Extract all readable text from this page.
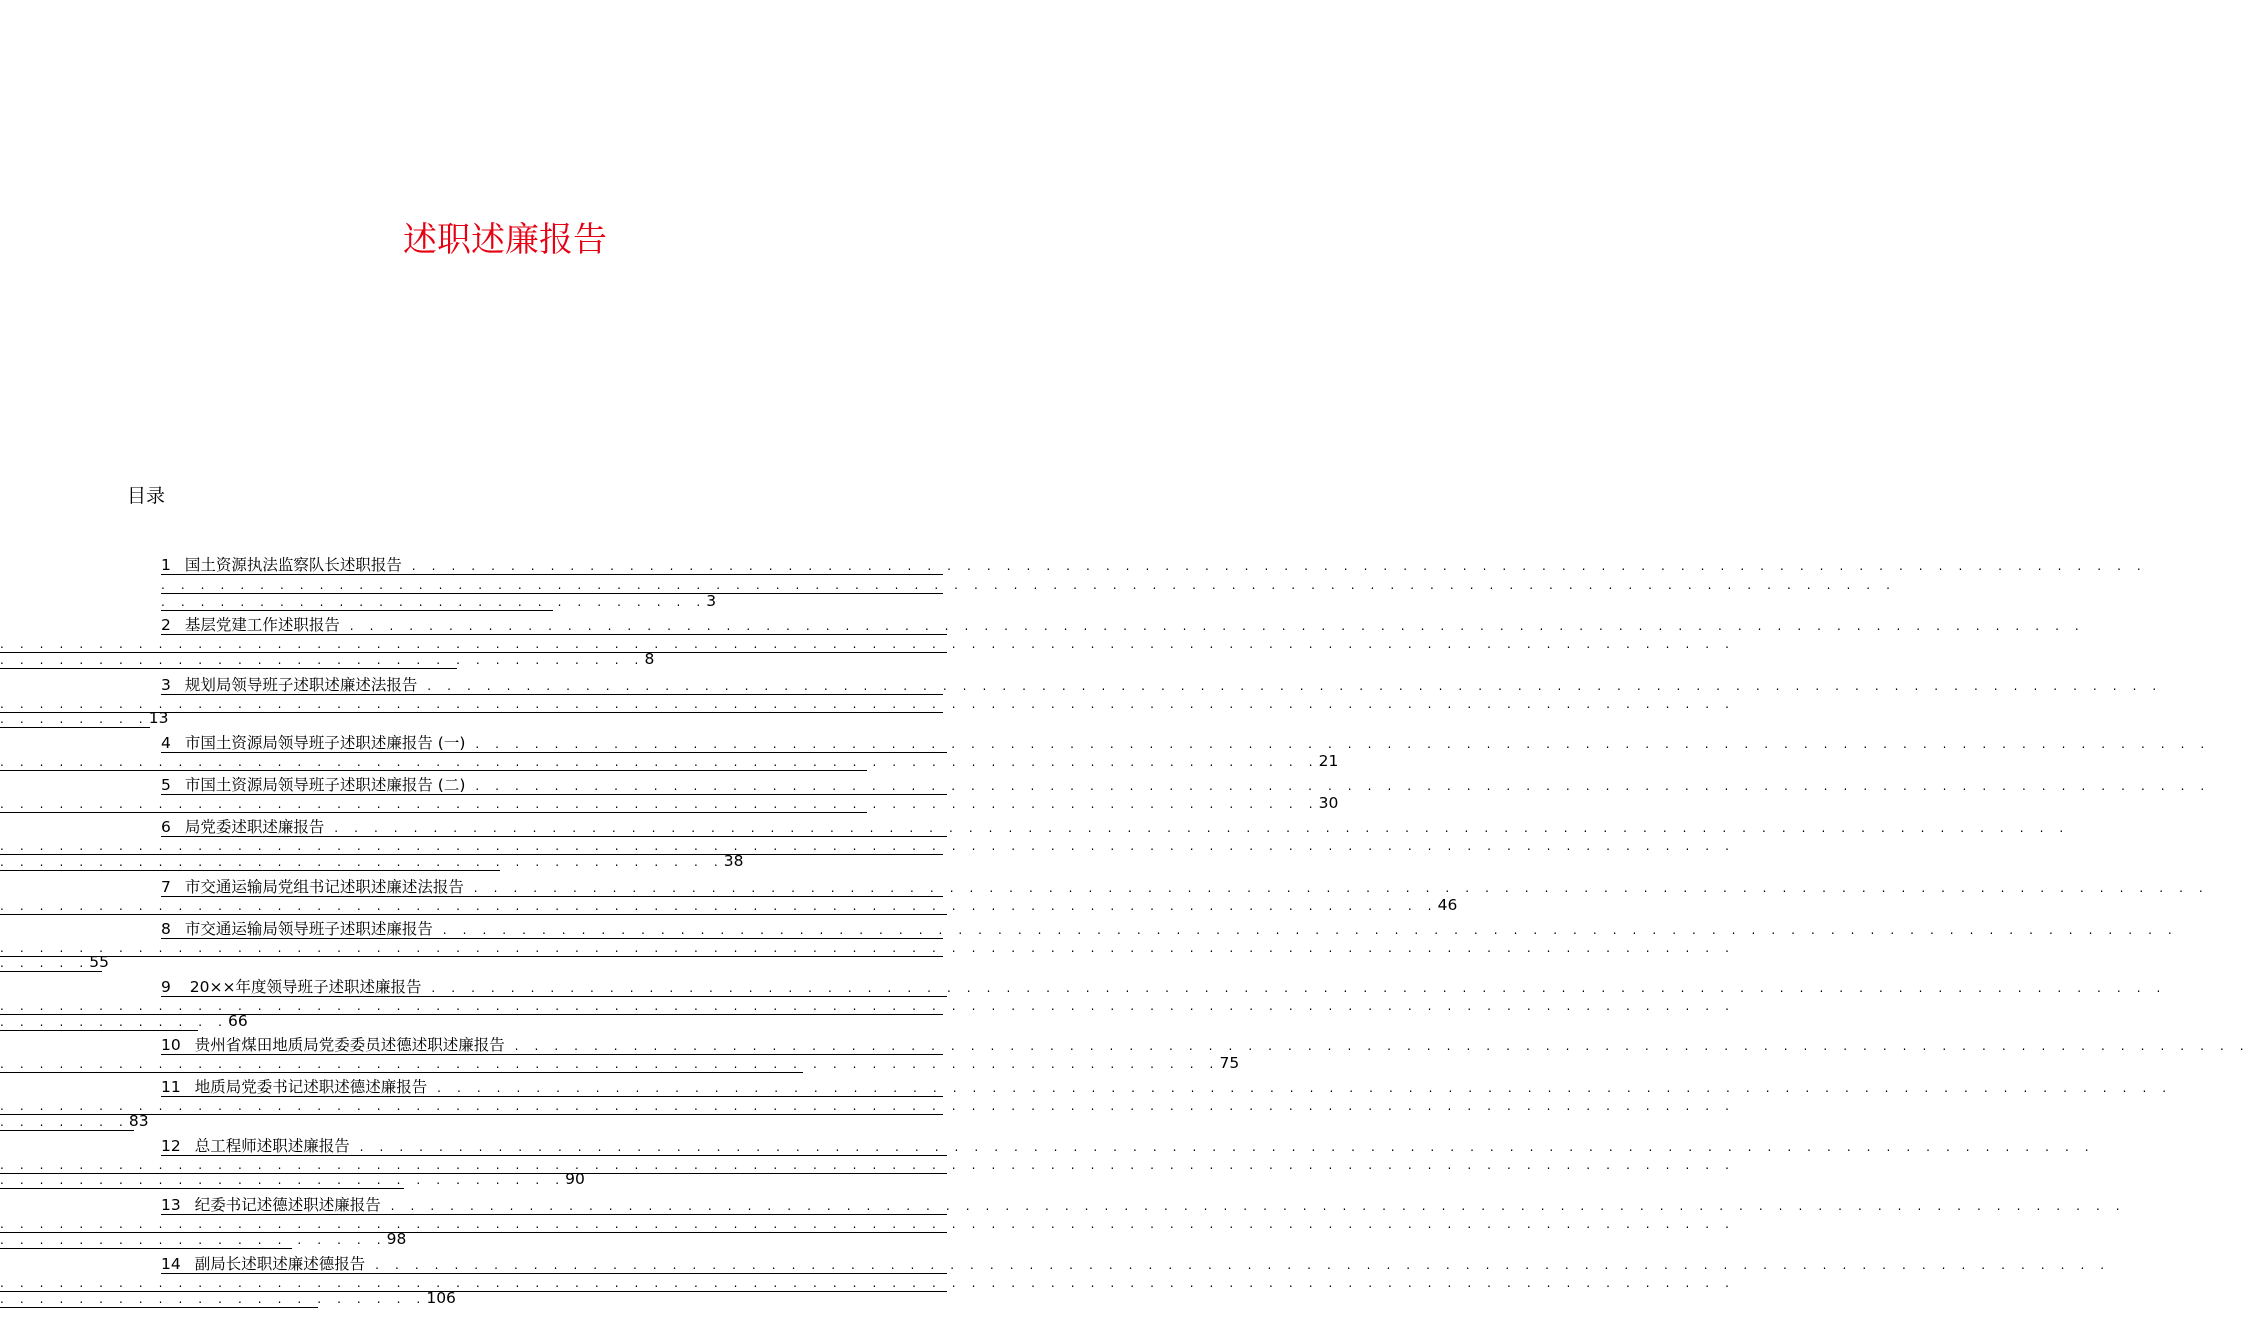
述职述廉报告
目录
1 国土资源执法监察队长述职报告 . . . . . . . . . . . . . . . . . . . . . . . . . . . . . . . . . . . . . . . . . . . . . . . . . . . . . . . . . . . . . . . . . . . . . . . . . . . . . . . . . . . . . . . .
. . . . . . . . . . . . . . . . . . . . . . . . . . . . . . . . . . . . . . . . . . . . . . . . . . . . . . . . . . . . . . . . . . . . . . . . . . . . . . . . . . . . . . . .
. . . . . . . . . . . . . . . . . . . . . . . . . . . .3
2 基层党建工作述职报告 . . . . . . . . . . . . . . . . . . . . . . . . . . . . . . . . . . . . . . . . . . . . . . . . . . . . . . . . . . . . . . . . . . . . . . . . . . . . . . . . . . . . . . . .
. . . . . . . . . . . . . . . . . . . . . . . . . . . . . . . . . . . . . . . . . . . . . . . . . . . . . . . . . . . . . . . . . . . . . . . . . . . . . . . . . . . . . . . .
. . . . . . . . . . . . . . . . . . . . . . . . . . . . . . . . .8
3 规划局领导班子述职述廉述法报告 . . . . . . . . . . . . . . . . . . . . . . . . . . . . . . . . . . . . . . . . . . . . . . . . . . . . . . . . . . . . . . . . . . . . . . . . . . . . . . . . . . . . . . . .
. . . . . . . . . . . . . . . . . . . . . . . . . . . . . . . . . . . . . . . . . . . . . . . . . . . . . . . . . . . . . . . . . . . . . . . . . . . . . . . . . . . . . . . .
. . . . . . . .13
4 市国土资源局领导班子述职述廉报告 (一) . . . . . . . . . . . . . . . . . . . . . . . . . . . . . . . . . . . . . . . . . . . . . . . . . . . . . . . . . . . . . . . . . . . . . . . . . . . . . . . . . . . . . . . .
. . . . . . . . . . . . . . . . . . . . . . . . . . . . . . . . . . . . . . . . . . . . . . . . . . . . . . . . . . . . . . . . . . .21
5 市国土资源局领导班子述职述廉报告 (二) . . . . . . . . . . . . . . . . . . . . . . . . . . . . . . . . . . . . . . . . . . . . . . . . . . . . . . . . . . . . . . . . . . . . . . . . . . . . . . . . . . . . . . . .
. . . . . . . . . . . . . . . . . . . . . . . . . . . . . . . . . . . . . . . . . . . . . . . . . . . . . . . . . . . . . . . . . . .30
6 局党委述职述廉报告 . . . . . . . . . . . . . . . . . . . . . . . . . . . . . . . . . . . . . . . . . . . . . . . . . . . . . . . . . . . . . . . . . . . . . . . . . . . . . . . . . . . . . . . .
. . . . . . . . . . . . . . . . . . . . . . . . . . . . . . . . . . . . . . . . . . . . . . . . . . . . . . . . . . . . . . . . . . . . . . . . . . . . . . . . . . . . . . . .
. . . . . . . . . . . . . . . . . . . . . . . . . . . . . . . . . . . . .38
7 市交通运输局党组书记述职述廉述法报告 . . . . . . . . . . . . . . . . . . . . . . . . . . . . . . . . . . . . . . . . . . . . . . . . . . . . . . . . . . . . . . . . . . . . . . . . . . . . . . . . . . . . . . . .
. . . . . . . . . . . . . . . . . . . . . . . . . . . . . . . . . . . . . . . . . . . . . . . . . . . . . . . . . . . . . . . . . . . . . . . . .46
8 市交通运输局领导班子述职述廉报告 . . . . . . . . . . . . . . . . . . . . . . . . . . . . . . . . . . . . . . . . . . . . . . . . . . . . . . . . . . . . . . . . . . . . . . . . . . . . . . . . . . . . . . . .
. . . . . . . . . . . . . . . . . . . . . . . . . . . . . . . . . . . . . . . . . . . . . . . . . . . . . . . . . . . . . . . . . . . . . . . . . . . . . . . . . . . . . . . .
. . . . .55
9 20××年度领导班子述职述廉报告 . . . . . . . . . . . . . . . . . . . . . . . . . . . . . . . . . . . . . . . . . . . . . . . . . . . . . . . . . . . . . . . . . . . . . . . . . . . . . . . . . . . . . . . .
. . . . . . . . . . . . . . . . . . . . . . . . . . . . . . . . . . . . . . . . . . . . . . . . . . . . . . . . . . . . . . . . . . . . . . . . . . . . . . . . . . . . . . . .
. . . . . . . . . . . .66
10 贵州省煤田地质局党委委员述德述职述廉报告 . . . . . . . . . . . . . . . . . . . . . . . . . . . . . . . . . . . . . . . . . . . . . . . . . . . . . . . . . . . . . . . . . . . . . . . . . . . . . . . . . . . . . . . .
. . . . . . . . . . . . . . . . . . . . . . . . . . . . . . . . . . . . . . . . . . . . . . . . . . . . . . . . . . . . . .75
11 地质局党委书记述职述德述廉报告 . . . . . . . . . . . . . . . . . . . . . . . . . . . . . . . . . . . . . . . . . . . . . . . . . . . . . . . . . . . . . . . . . . . . . . . . . . . . . . . . . . . . . . . .
. . . . . . . . . . . . . . . . . . . . . . . . . . . . . . . . . . . . . . . . . . . . . . . . . . . . . . . . . . . . . . . . . . . . . . . . . . . . . . . . . . . . . . . .
. . . . . . .83
12 总工程师述职述廉报告 . . . . . . . . . . . . . . . . . . . . . . . . . . . . . . . . . . . . . . . . . . . . . . . . . . . . . . . . . . . . . . . . . . . . . . . . . . . . . . . . . . . . . . . .
. . . . . . . . . . . . . . . . . . . . . . . . . . . . . . . . . . . . . . . . . . . . . . . . . . . . . . . . . . . . . . . . . . . . . . . . . . . . . . . . . . . . . . . .
. . . . . . . . . . . . . . . . . . . . . . . . . . . . .90
13 纪委书记述德述职述廉报告 . . . . . . . . . . . . . . . . . . . . . . . . . . . . . . . . . . . . . . . . . . . . . . . . . . . . . . . . . . . . . . . . . . . . . . . . . . . . . . . . . . . . . . . .
. . . . . . . . . . . . . . . . . . . . . . . . . . . . . . . . . . . . . . . . . . . . . . . . . . . . . . . . . . . . . . . . . . . . . . . . . . . . . . . . . . . . . . . .
. . . . . . . . . . . . . . . . . . . .98
14 副局长述职述廉述德报告 . . . . . . . . . . . . . . . . . . . . . . . . . . . . . . . . . . . . . . . . . . . . . . . . . . . . . . . . . . . . . . . . . . . . . . . . . . . . . . . . . . . . . . . .
. . . . . . . . . . . . . . . . . . . . . . . . . . . . . . . . . . . . . . . . . . . . . . . . . . . . . . . . . . . . . . . . . . . . . . . . . . . . . . . . . . . . . . . .
. . . . . . . . . . . . . . . . . . . . . .106
